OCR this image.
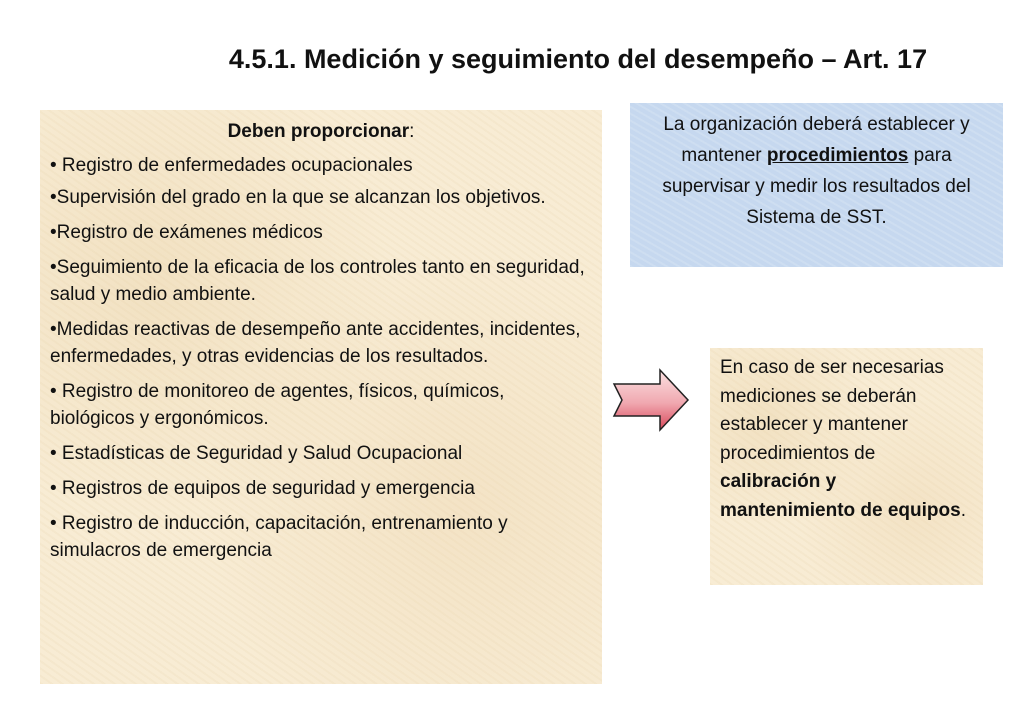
4.5.1. Medición y seguimiento del desempeño – Art. 17
Deben proporcionar:
• Registro de enfermedades ocupacionales
•Supervisión del grado en la que se alcanzan los objetivos.
•Registro de exámenes médicos
•Seguimiento de la eficacia de los controles tanto en seguridad, salud y medio ambiente.
•Medidas reactivas de desempeño ante accidentes, incidentes, enfermedades, y otras evidencias de los resultados.
• Registro de monitoreo de agentes, físicos, químicos, biológicos y ergonómicos.
• Estadísticas de Seguridad y Salud Ocupacional
• Registros de equipos de seguridad y emergencia
• Registro de inducción, capacitación, entrenamiento y simulacros de emergencia
La organización deberá establecer y mantener procedimientos para supervisar y medir los resultados del Sistema de SST.
En caso de ser necesarias mediciones se deberán establecer y mantener procedimientos de calibración y mantenimiento de equipos.
